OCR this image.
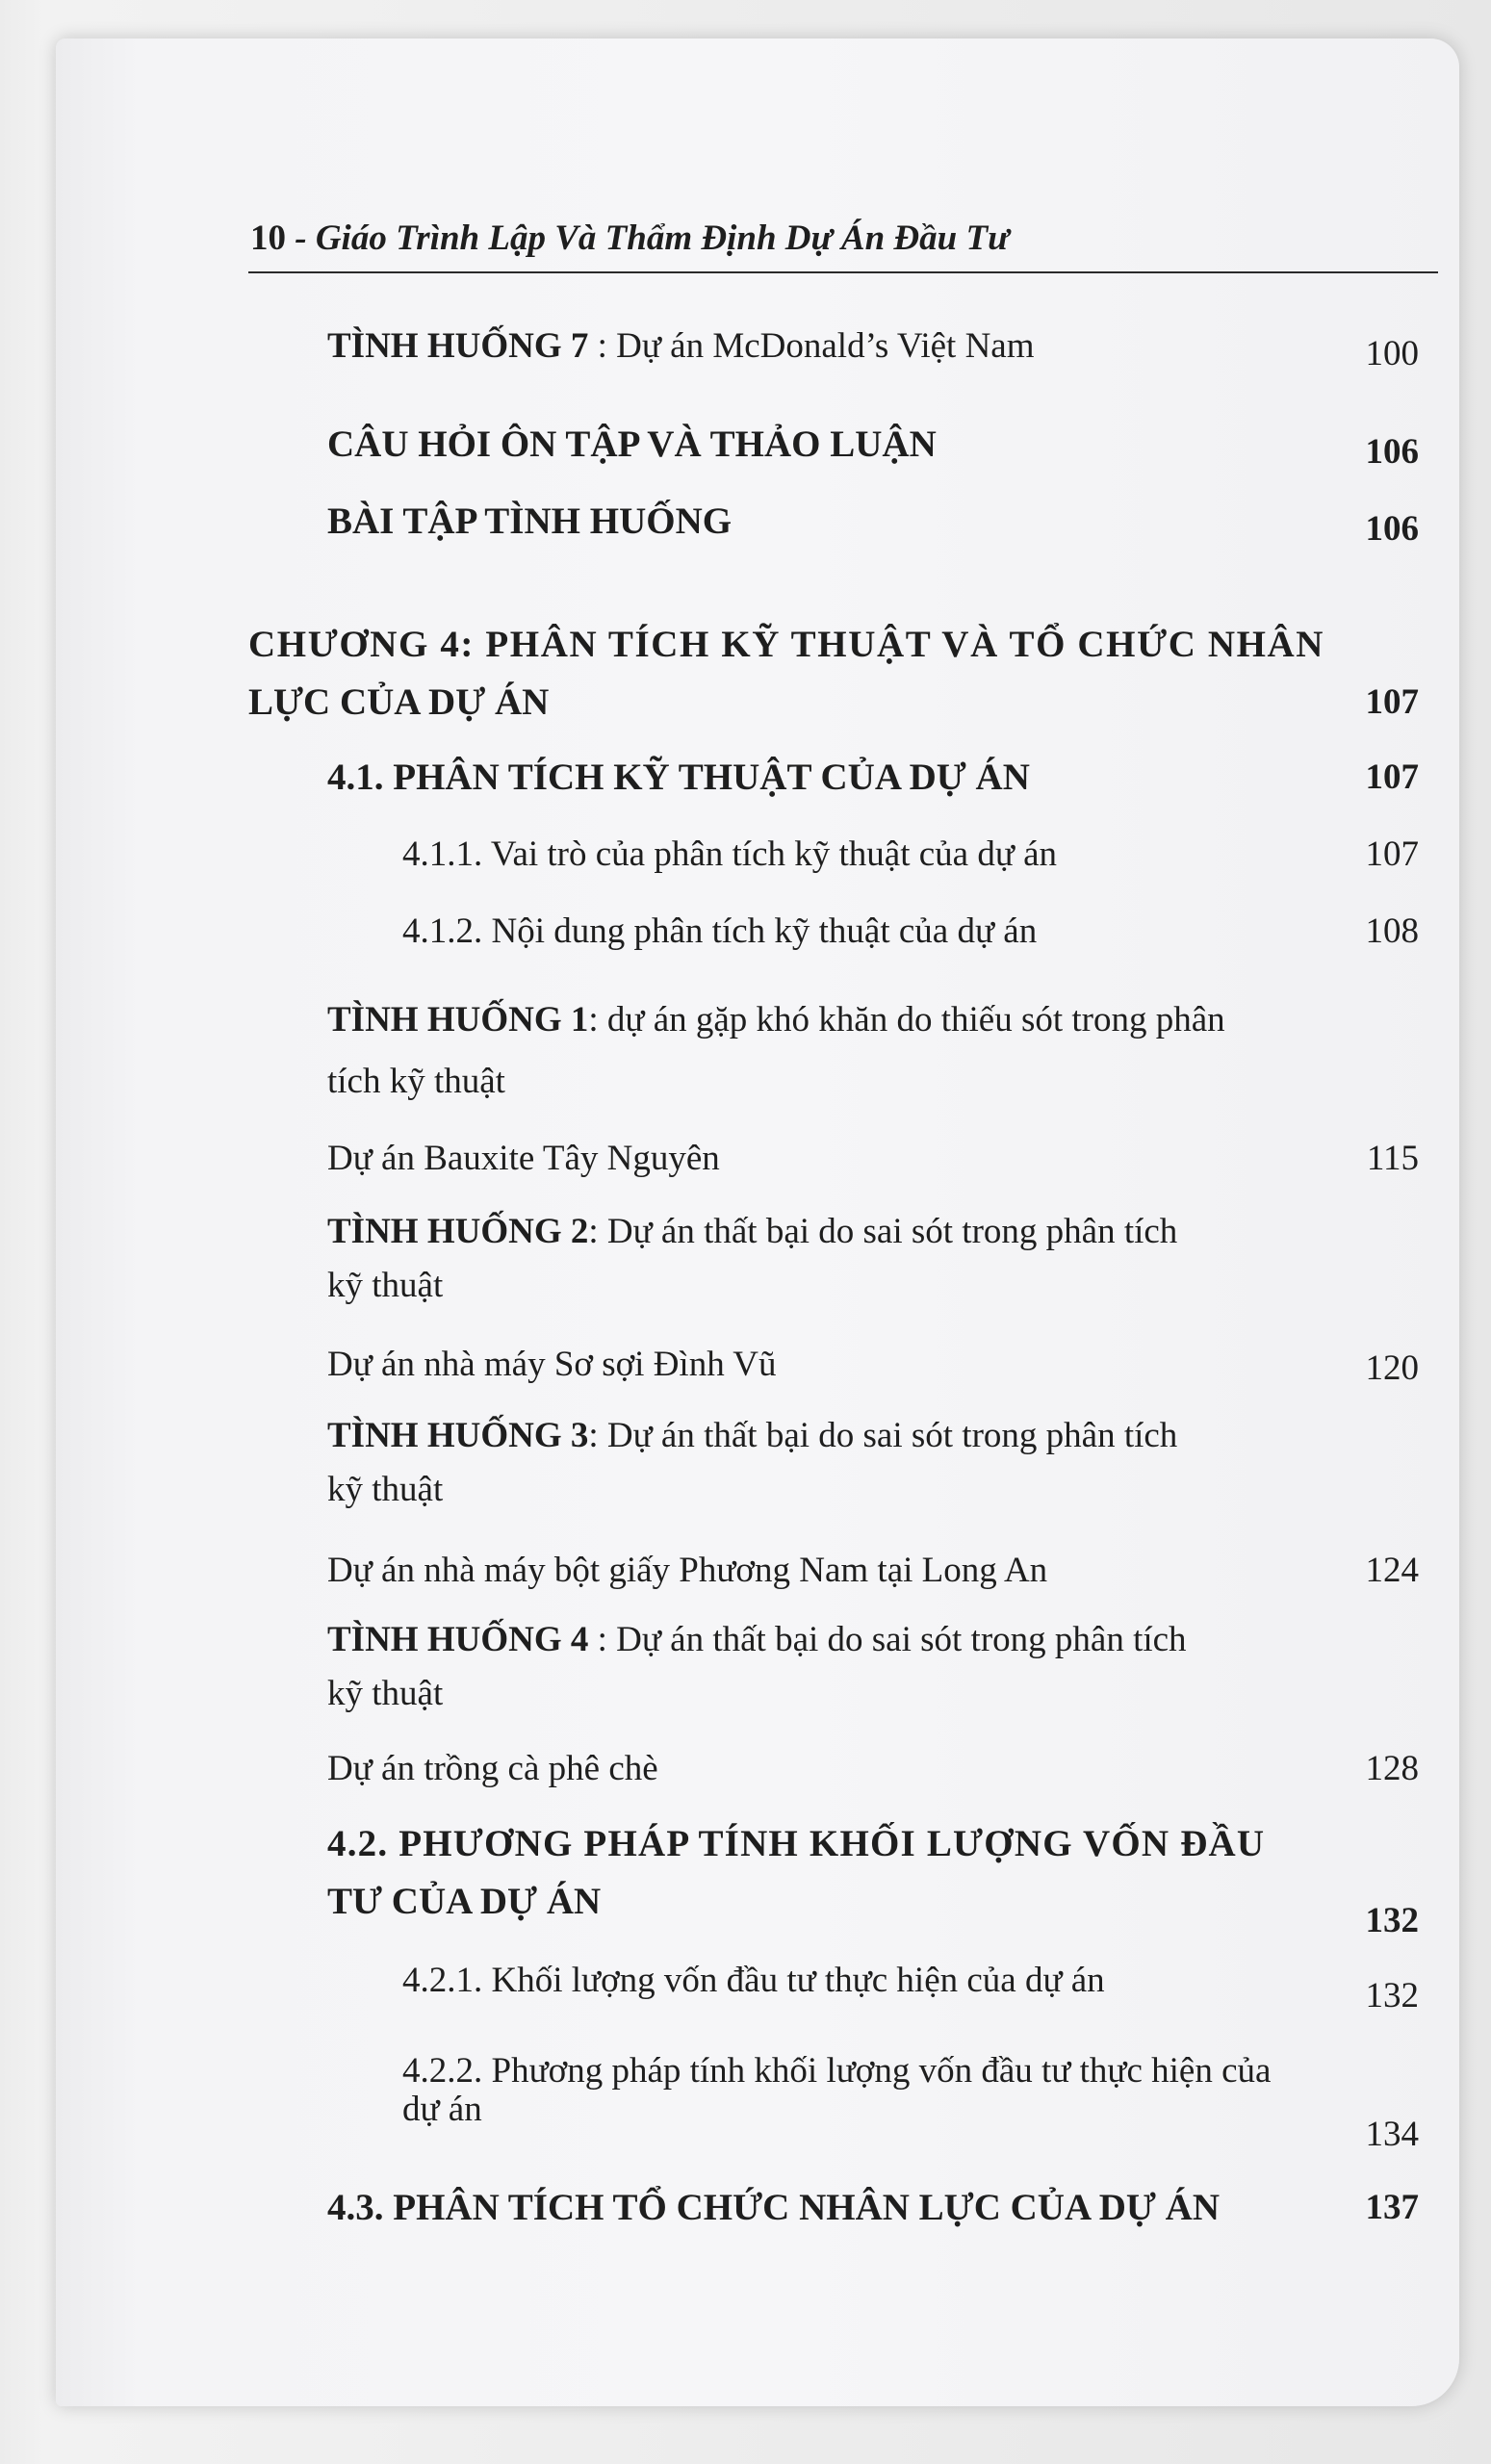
10 - Giáo Trình Lập Và Thẩm Định Dự Án Đầu Tư
TÌNH HUỐNG 7 : Dự án McDonald’s Việt Nam	100
CÂU HỎI ÔN TẬP VÀ THẢO LUẬN	106
BÀI TẬP TÌNH HUỐNG	106
CHƯƠNG 4: PHÂN TÍCH KỸ THUẬT VÀ TỔ CHỨC NHÂN
LỰC CỦA DỰ ÁN	107
4.1. PHÂN TÍCH KỸ THUẬT CỦA DỰ ÁN	107
4.1.1. Vai trò của phân tích kỹ thuật của dự án	107
4.1.2. Nội dung phân tích kỹ thuật của dự án	108
TÌNH HUỐNG 1: dự án gặp khó khăn do thiếu sót trong phân
tích kỹ thuật
Dự án Bauxite Tây Nguyên	115
TÌNH HUỐNG 2: Dự án thất bại do sai sót trong phân tích
kỹ thuật
Dự án nhà máy Sơ sợi Đình Vũ	120
TÌNH HUỐNG 3: Dự án thất bại do sai sót trong phân tích
kỹ thuật
Dự án nhà máy bột giấy Phương Nam tại Long An	124
TÌNH HUỐNG 4 : Dự án thất bại do sai sót trong phân tích
kỹ thuật
Dự án trồng cà phê chè	128
4.2. PHƯƠNG PHÁP TÍNH KHỐI LƯỢNG VỐN ĐẦU
TƯ CỦA DỰ ÁN	132
4.2.1. Khối lượng vốn đầu tư thực hiện của dự án	132
4.2.2. Phương pháp tính khối lượng vốn đầu tư thực hiện của
dự án
134
4.3. PHÂN TÍCH TỔ CHỨC NHÂN LỰC CỦA DỰ ÁN	137
